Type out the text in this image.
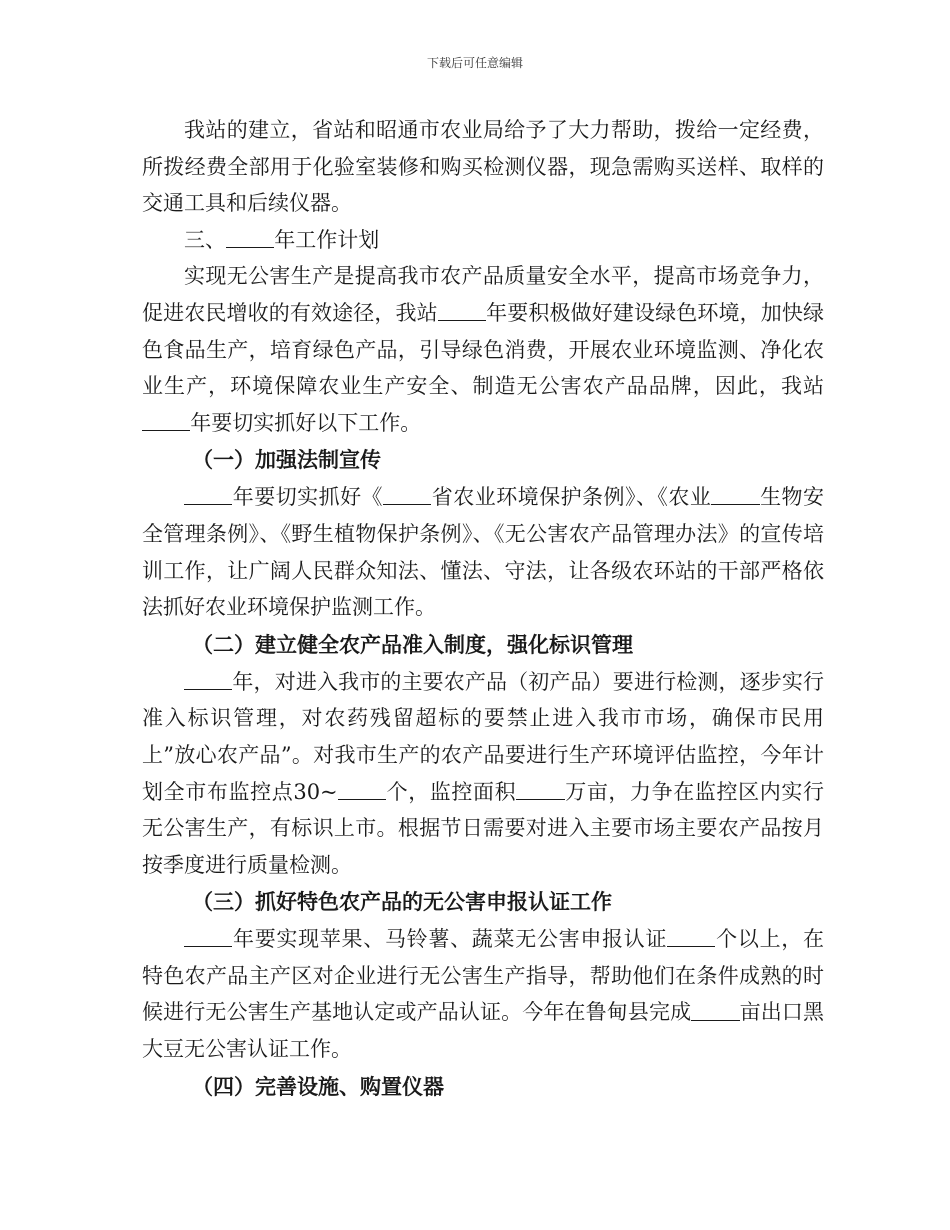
下载后可任意编辑

我站的建立，省站和昭通市农业局给予了大力帮助，拨给一定经费，所拨经费全部用于化验室装修和购买检测仪器，现急需购买送样、取样的交通工具和后续仪器。

三、 年工作计划

实现无公害生产是提高我市农产品质量安全水平，提高市场竞争力，促进农民增收的有效途径，我站 年要积极做好建设绿色环境，加快绿色食品生产，培育绿色产品，引导绿色消费，开展农业环境监测、净化农业生产，环境保障农业生产安全、制造无公害农产品品牌，因此，我站年要切实抓好以下工作。

（一）加强法制宣传

年要切实抓好《 省农业环境保护条例》、《农业 生物安全管理条例》、《野生植物保护条例》、《无公害农产品管理办法》的宣传培训工作，让广阔人民群众知法、懂法、守法，让各级农环站的干部严格依法抓好农业环境保护监测工作。

（二）建立健全农产品准入制度，强化标识管理

年，对进入我市的主要农产品（初产品）要进行检测，逐步实行准入标识管理，对农药残留超标的要禁止进入我市市场，确保市民用上”放心农产品”。对我市生产的农产品要进行生产环境评估监控，今年计划全市布监控点30~ 个，监控面积 万亩，力争在监控区内实行无公害生产，有标识上市。根据节日需要对进入主要市场主要农产品按月按季度进行质量检测。

（三）抓好特色农产品的无公害申报认证工作

年要实现苹果、马铃薯、蔬菜无公害申报认证 个以上，在特色农产品主产区对企业进行无公害生产指导，帮助他们在条件成熟的时候进行无公害生产基地认定或产品认证。今年在鲁甸县完成 亩出口黑大豆无公害认证工作。

（四）完善设施、购置仪器
